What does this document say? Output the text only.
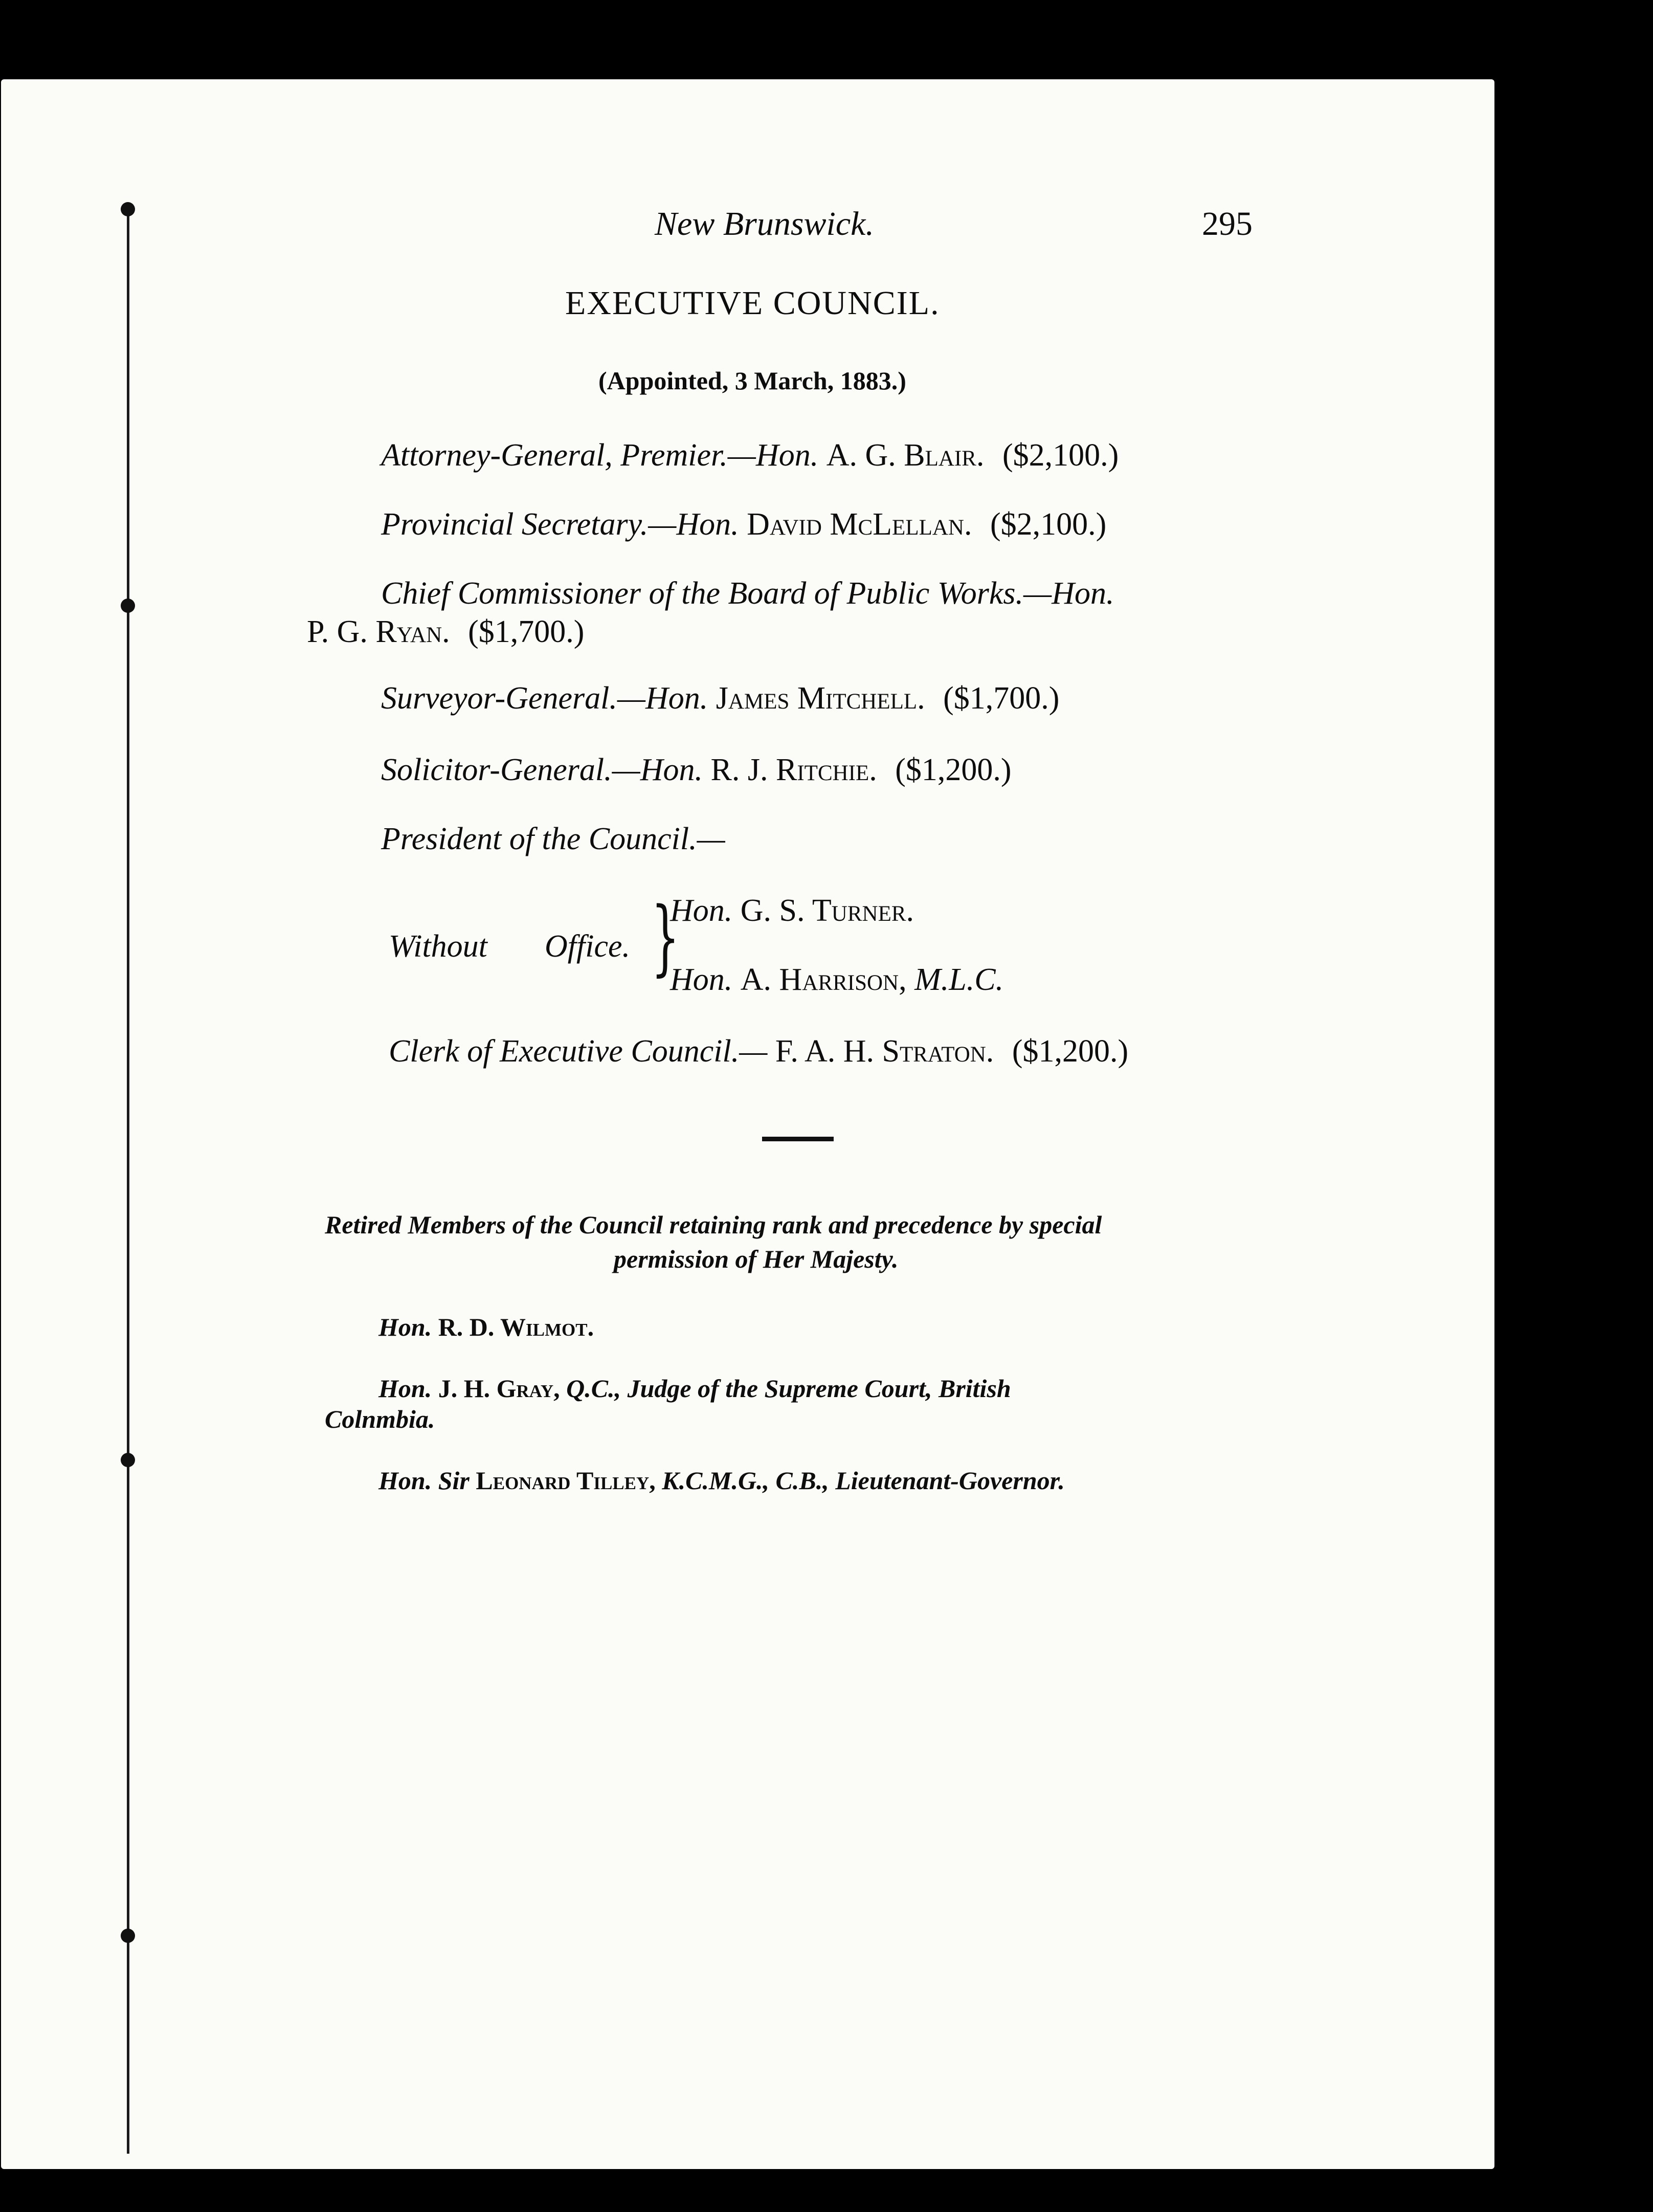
New Brunswick.	295
EXECUTIVE COUNCIL.
(Appointed, 3 March, 1883.)
Attorney-General, Premier.—Hon. A. G. Blair. ($2,100.)
Provincial Secretary.—Hon. David McLellan. ($2,100.)
Chief Commissioner of the Board of Public Works.—Hon.
P. G. Ryan. ($1,700.)
Surveyor-General.—Hon. James Mitchell. ($1,700.)
Solicitor-General.—Hon. R. J. Ritchie. ($1,200.)
President of the Council.—
Without Office. }
Hon. G. S. Turner.
Hon. A. Harrison, M.L.C.
Clerk of Executive Council.— F. A. H. Straton. ($1,200.)
Retired Members of the Council retaining rank and precedence by special
permission of Her Majesty.
Hon. R. D. Wilmot.
Hon. J. H. Gray, Q.C., Judge of the Supreme Court, British
Colnmbia.
Hon. Sir Leonard Tilley, K.C.M.G., C.B., Lieutenant-Governor.
